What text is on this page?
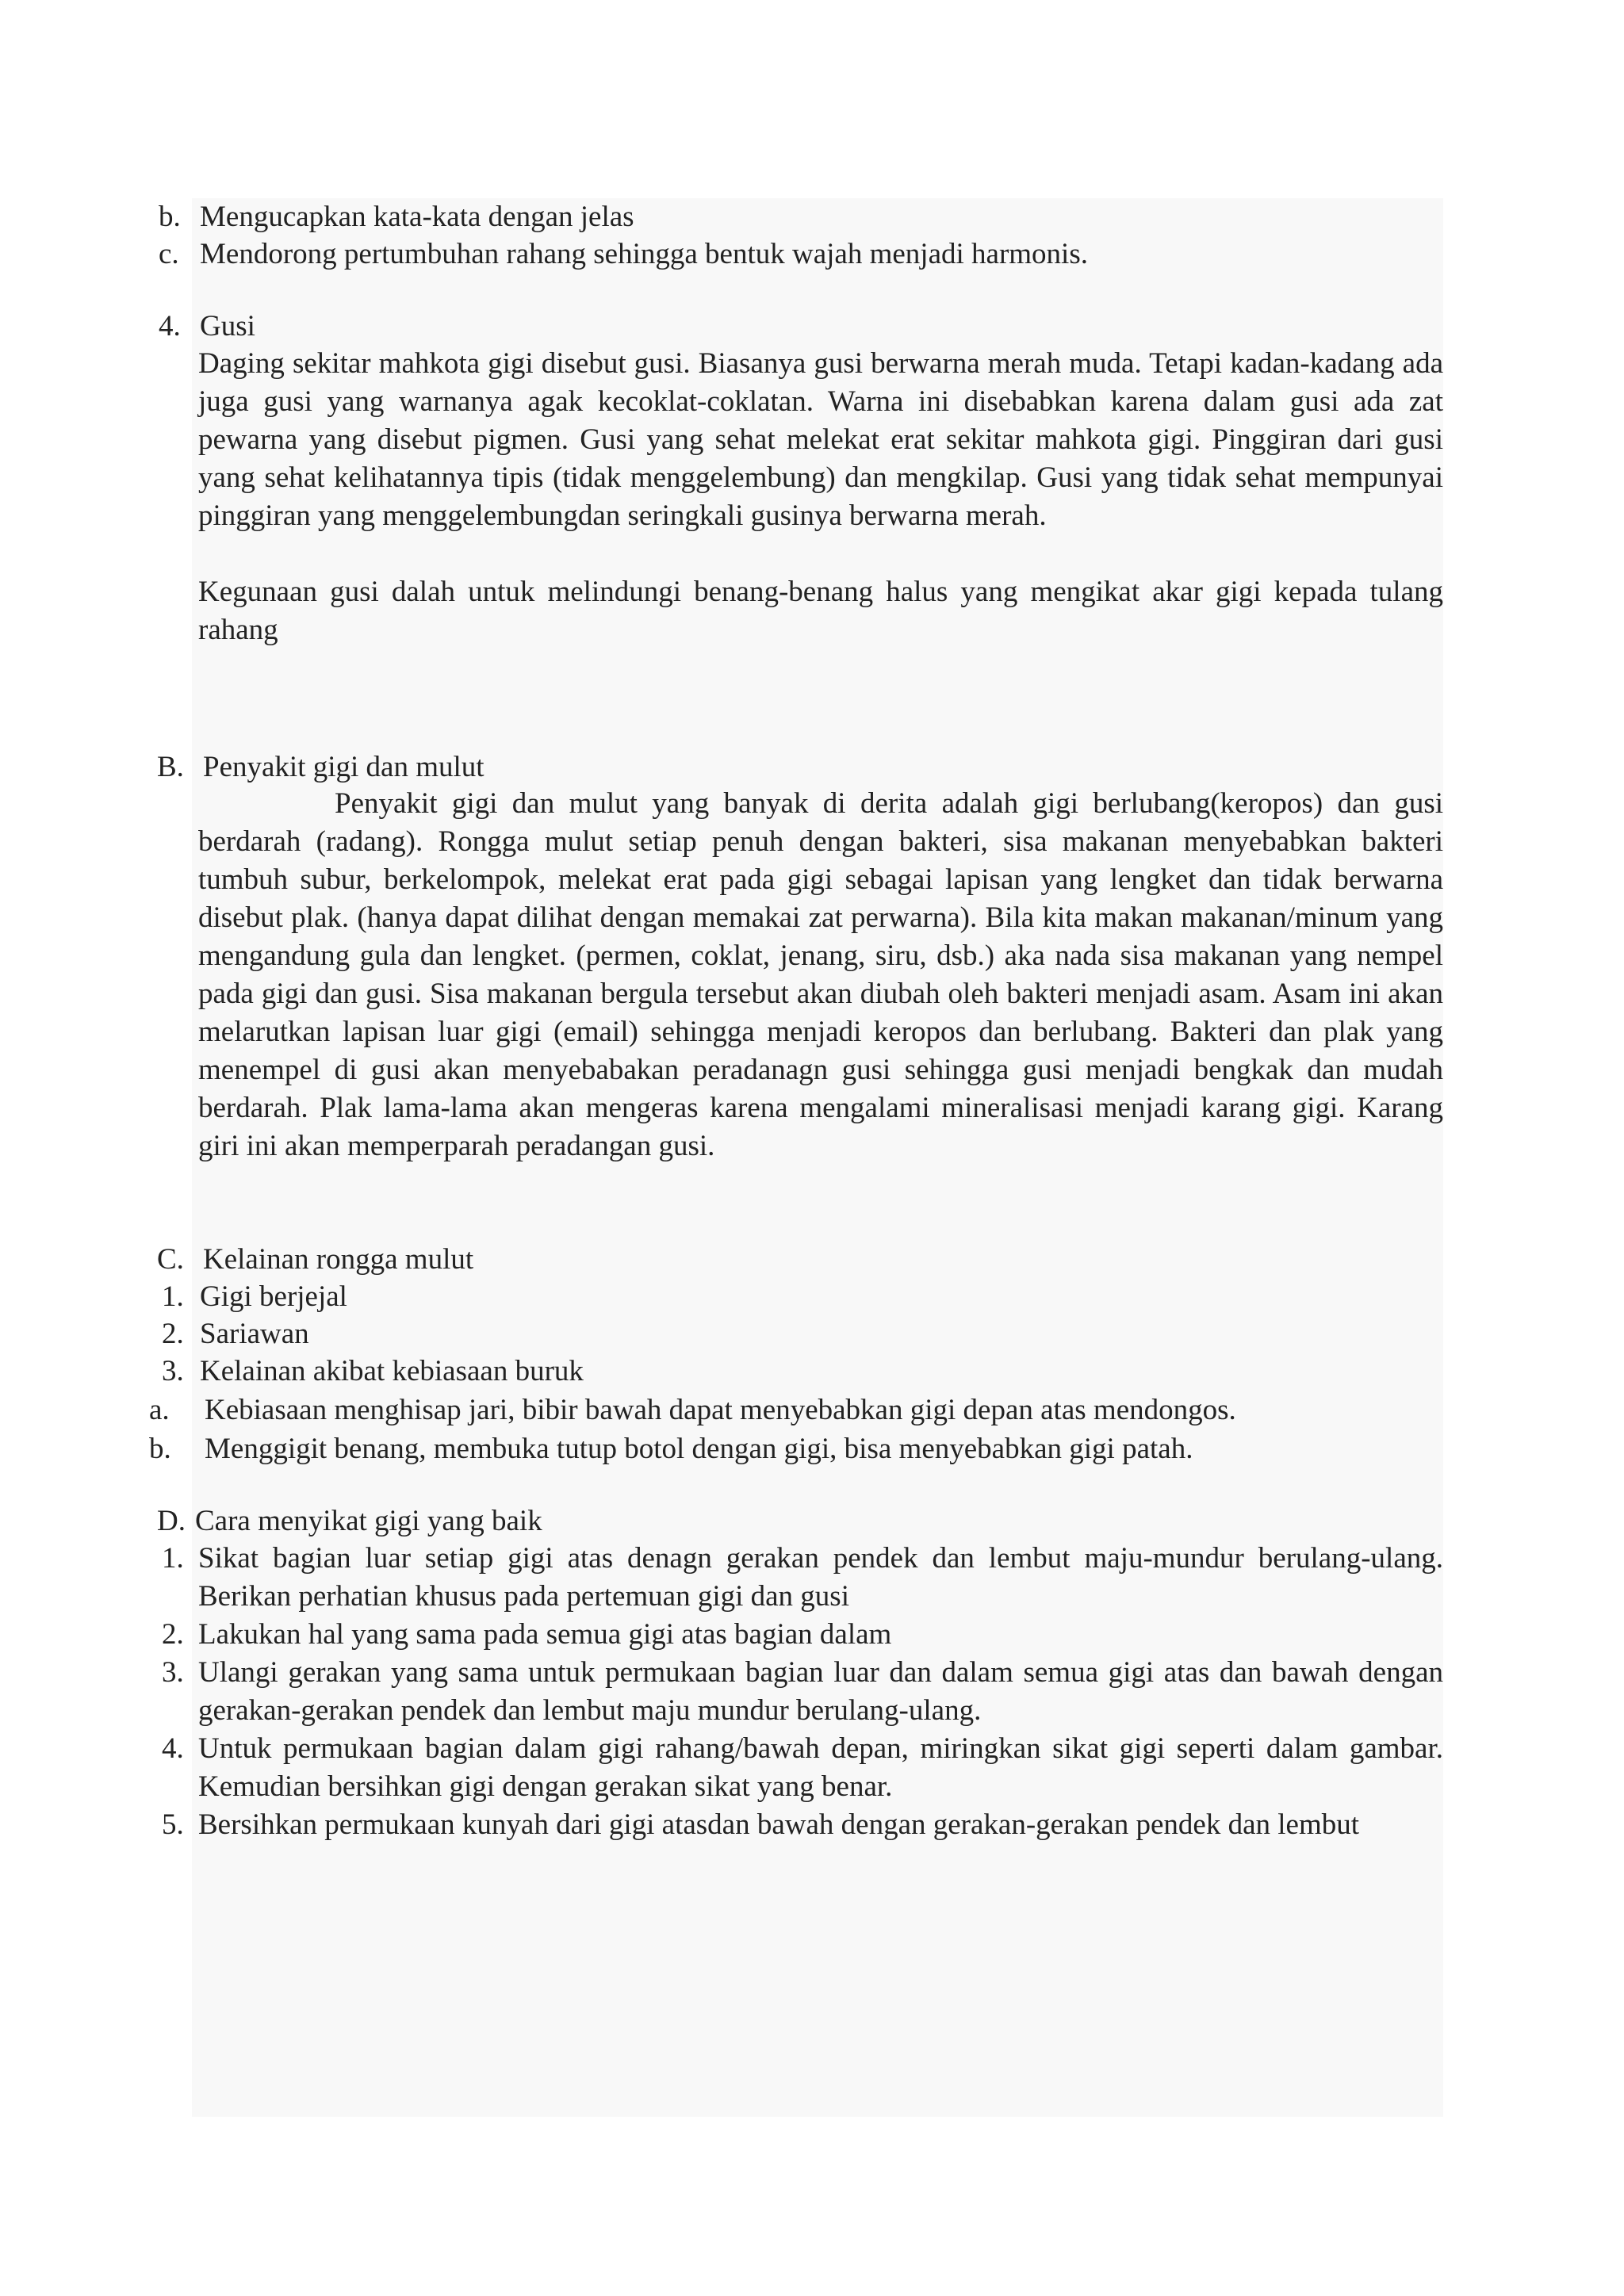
b. Mengucapkan kata-kata dengan jelas
c. Mendorong pertumbuhan rahang sehingga bentuk wajah menjadi harmonis.
4. Gusi
Daging sekitar mahkota gigi disebut gusi. Biasanya gusi berwarna merah muda. Tetapi kadan-kadang ada juga gusi yang warnanya agak kecoklat-coklatan. Warna ini disebabkan karena dalam gusi ada zat pewarna yang disebut pigmen. Gusi yang sehat melekat erat sekitar mahkota gigi. Pinggiran dari gusi yang sehat kelihatannya tipis (tidak menggelembung) dan mengkilap. Gusi yang tidak sehat mempunyai pinggiran yang menggelembungdan seringkali gusinya berwarna merah.
Kegunaan gusi dalah untuk melindungi benang-benang halus yang mengikat akar gigi kepada tulang rahang
B. Penyakit gigi dan mulut
Penyakit gigi dan mulut yang banyak di derita adalah gigi berlubang(keropos) dan gusi berdarah (radang). Rongga mulut setiap penuh dengan bakteri, sisa makanan menyebabkan bakteri tumbuh subur, berkelompok, melekat erat pada gigi sebagai lapisan yang lengket dan tidak berwarna disebut plak. (hanya dapat dilihat dengan memakai zat perwarna). Bila kita makan makanan/minum yang mengandung gula dan lengket. (permen, coklat, jenang, siru, dsb.) aka nada sisa makanan yang nempel pada gigi dan gusi. Sisa makanan bergula tersebut akan diubah oleh bakteri menjadi asam. Asam ini akan melarutkan lapisan luar gigi (email) sehingga menjadi keropos dan berlubang. Bakteri dan plak yang menempel di gusi akan menyebabakan peradanagn gusi sehingga gusi menjadi bengkak dan mudah berdarah. Plak lama-lama akan mengeras karena mengalami mineralisasi menjadi karang gigi. Karang giri ini akan memperparah peradangan gusi.
C. Kelainan rongga mulut
1. Gigi berjejal
2. Sariawan
3. Kelainan akibat kebiasaan buruk
a. Kebiasaan menghisap jari, bibir bawah dapat menyebabkan gigi depan atas mendongos.
b. Menggigit benang, membuka tutup botol dengan gigi, bisa menyebabkan gigi patah.
D. Cara menyikat gigi yang baik
1. Sikat bagian luar setiap gigi atas denagn gerakan pendek dan lembut maju-mundur berulang-ulang. Berikan perhatian khusus pada pertemuan gigi dan gusi
2. Lakukan hal yang sama pada semua gigi atas bagian dalam
3. Ulangi gerakan yang sama untuk permukaan bagian luar dan dalam semua gigi atas dan bawah dengan gerakan-gerakan pendek dan lembut maju mundur berulang-ulang.
4. Untuk permukaan bagian dalam gigi rahang/bawah depan, miringkan sikat gigi seperti dalam gambar. Kemudian bersihkan gigi dengan gerakan sikat yang benar.
5. Bersihkan permukaan kunyah dari gigi atasdan bawah dengan gerakan-gerakan pendek dan lembut
